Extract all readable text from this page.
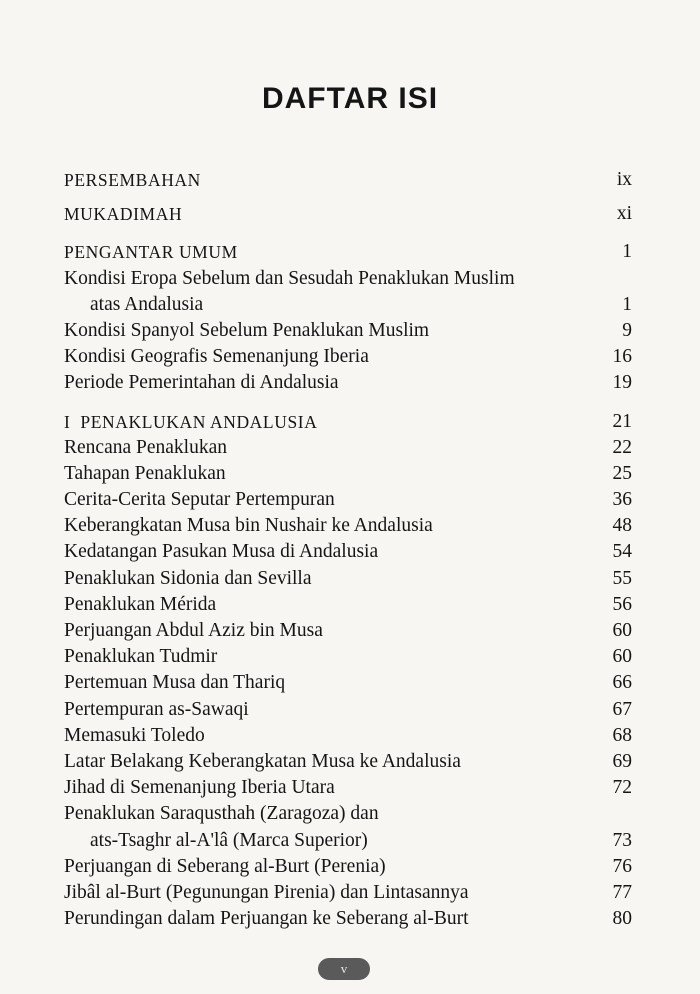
DAFTAR ISI
PERSEMBAHAN	ix
MUKADIMAH	xi
PENGANTAR UMUM	1
Kondisi Eropa Sebelum dan Sesudah Penaklukan Muslim
atas Andalusia	1
Kondisi Spanyol Sebelum Penaklukan Muslim	9
Kondisi Geografis Semenanjung Iberia	16
Periode Pemerintahan di Andalusia	19
I  PENAKLUKAN ANDALUSIA	21
Rencana Penaklukan	22
Tahapan Penaklukan	25
Cerita-Cerita Seputar Pertempuran	36
Keberangkatan Musa bin Nushair ke Andalusia	48
Kedatangan Pasukan Musa di Andalusia	54
Penaklukan Sidonia dan Sevilla	55
Penaklukan Mérida	56
Perjuangan Abdul Aziz bin Musa	60
Penaklukan Tudmir	60
Pertemuan Musa dan Thariq	66
Pertempuran as-Sawaqi	67
Memasuki Toledo	68
Latar Belakang Keberangkatan Musa ke Andalusia	69
Jihad di Semenanjung Iberia Utara	72
Penaklukan Saraqusthah (Zaragoza) dan
ats-Tsaghr al-A'lâ (Marca Superior)	73
Perjuangan di Seberang al-Burt (Perenia)	76
Jibâl al-Burt (Pegunungan Pirenia) dan Lintasannya	77
Perundingan dalam Perjuangan ke Seberang al-Burt	80
v
